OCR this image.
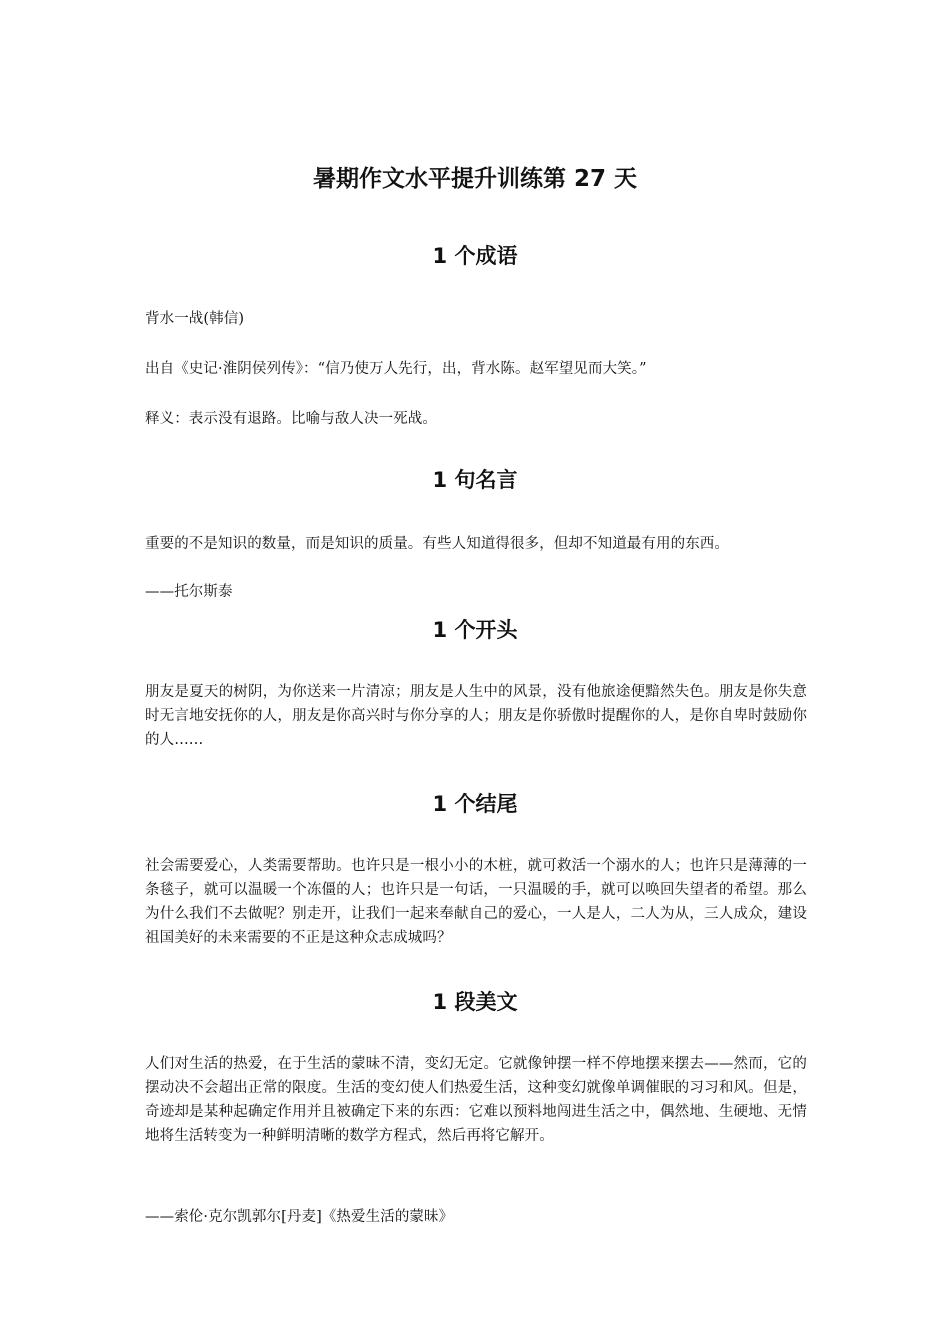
暑期作文水平提升训练第 27 天
1 个成语

背水一战(韩信)

出自《史记·淮阴侯列传》：“信乃使万人先行，出，背水陈。赵军望见而大笑。”

释义：表示没有退路。比喻与敌人决一死战。

1 句名言

重要的不是知识的数量，而是知识的质量。有些人知道得很多，但却不知道最有用的东西。

——托尔斯泰

1 个开头

朋友是夏天的树阴，为你送来一片清凉；朋友是人生中的风景，没有他旅途便黯然失色。朋友是你失意时无言地安抚你的人，朋友是你高兴时与你分享的人；朋友是你骄傲时提醒你的人，是你自卑时鼓励你的人……

1 个结尾

社会需要爱心，人类需要帮助。也许只是一根小小的木桩，就可救活一个溺水的人；也许只是薄薄的一条毯子，就可以温暖一个冻僵的人；也许只是一句话，一只温暖的手，就可以唤回失望者的希望。那么为什么我们不去做呢？别走开，让我们一起来奉献自己的爱心，一人是人，二人为从，三人成众，建设祖国美好的未来需要的不正是这种众志成城吗？

1 段美文

人们对生活的热爱，在于生活的蒙昧不清，变幻无定。它就像钟摆一样不停地摆来摆去——然而，它的摆动决不会超出正常的限度。生活的变幻使人们热爱生活，这种变幻就像单调催眠的习习和风。但是，奇迹却是某种起确定作用并且被确定下来的东西：它难以预料地闯进生活之中，偶然地、生硬地、无情地将生活转变为一种鲜明清晰的数学方程式，然后再将它解开。

——索伦·克尔凯郭尔[丹麦]《热爱生活的蒙昧》
